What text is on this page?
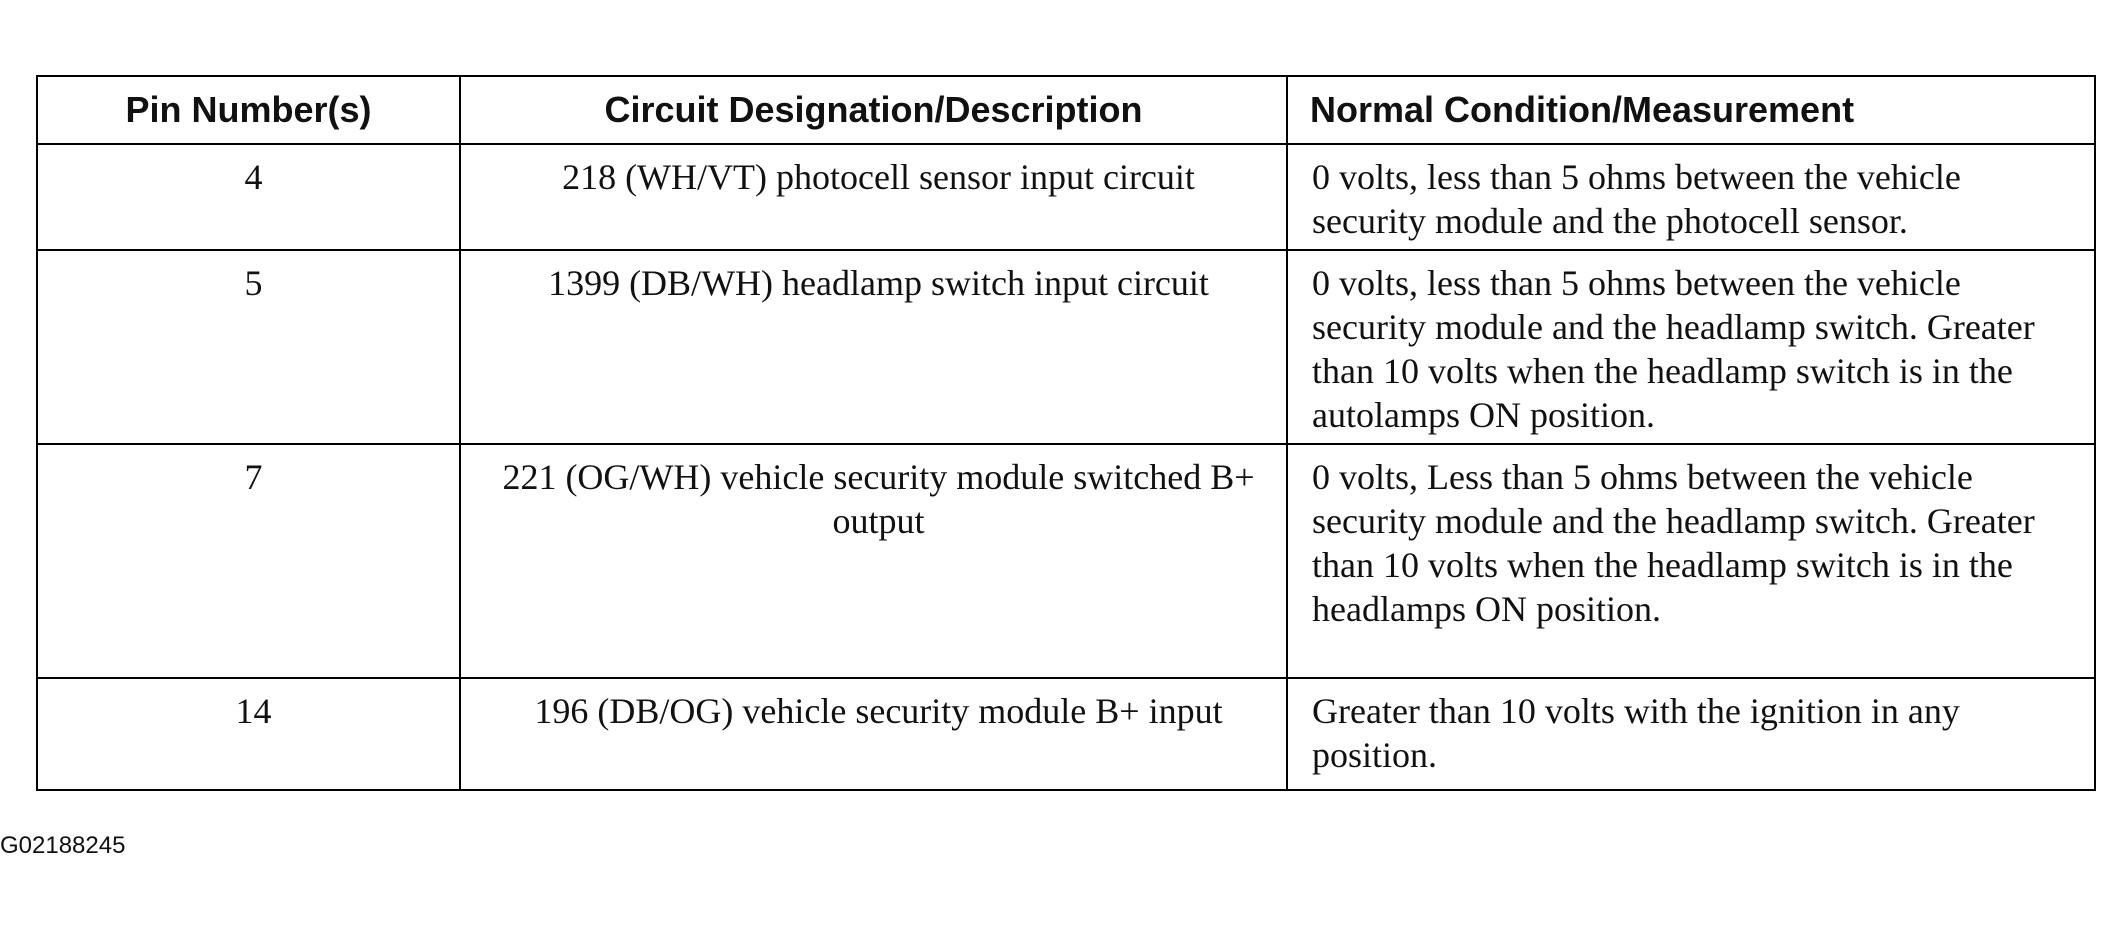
Pin Number(s)	Circuit Designation/Description	Normal Condition/Measurement
4	218 (WH/VT) photocell sensor input circuit	0 volts, less than 5 ohms between the vehicle security module and the photocell sensor.
5	1399 (DB/WH) headlamp switch input circuit	0 volts, less than 5 ohms between the vehicle security module and the headlamp switch. Greater than 10 volts when the headlamp switch is in the autolamps ON position.
7	221 (OG/WH) vehicle security module switched B+ output	0 volts, Less than 5 ohms between the vehicle security module and the headlamp switch. Greater than 10 volts when the headlamp switch is in the headlamps ON position.
14	196 (DB/OG) vehicle security module B+ input	Greater than 10 volts with the ignition in any position.
G02188245
